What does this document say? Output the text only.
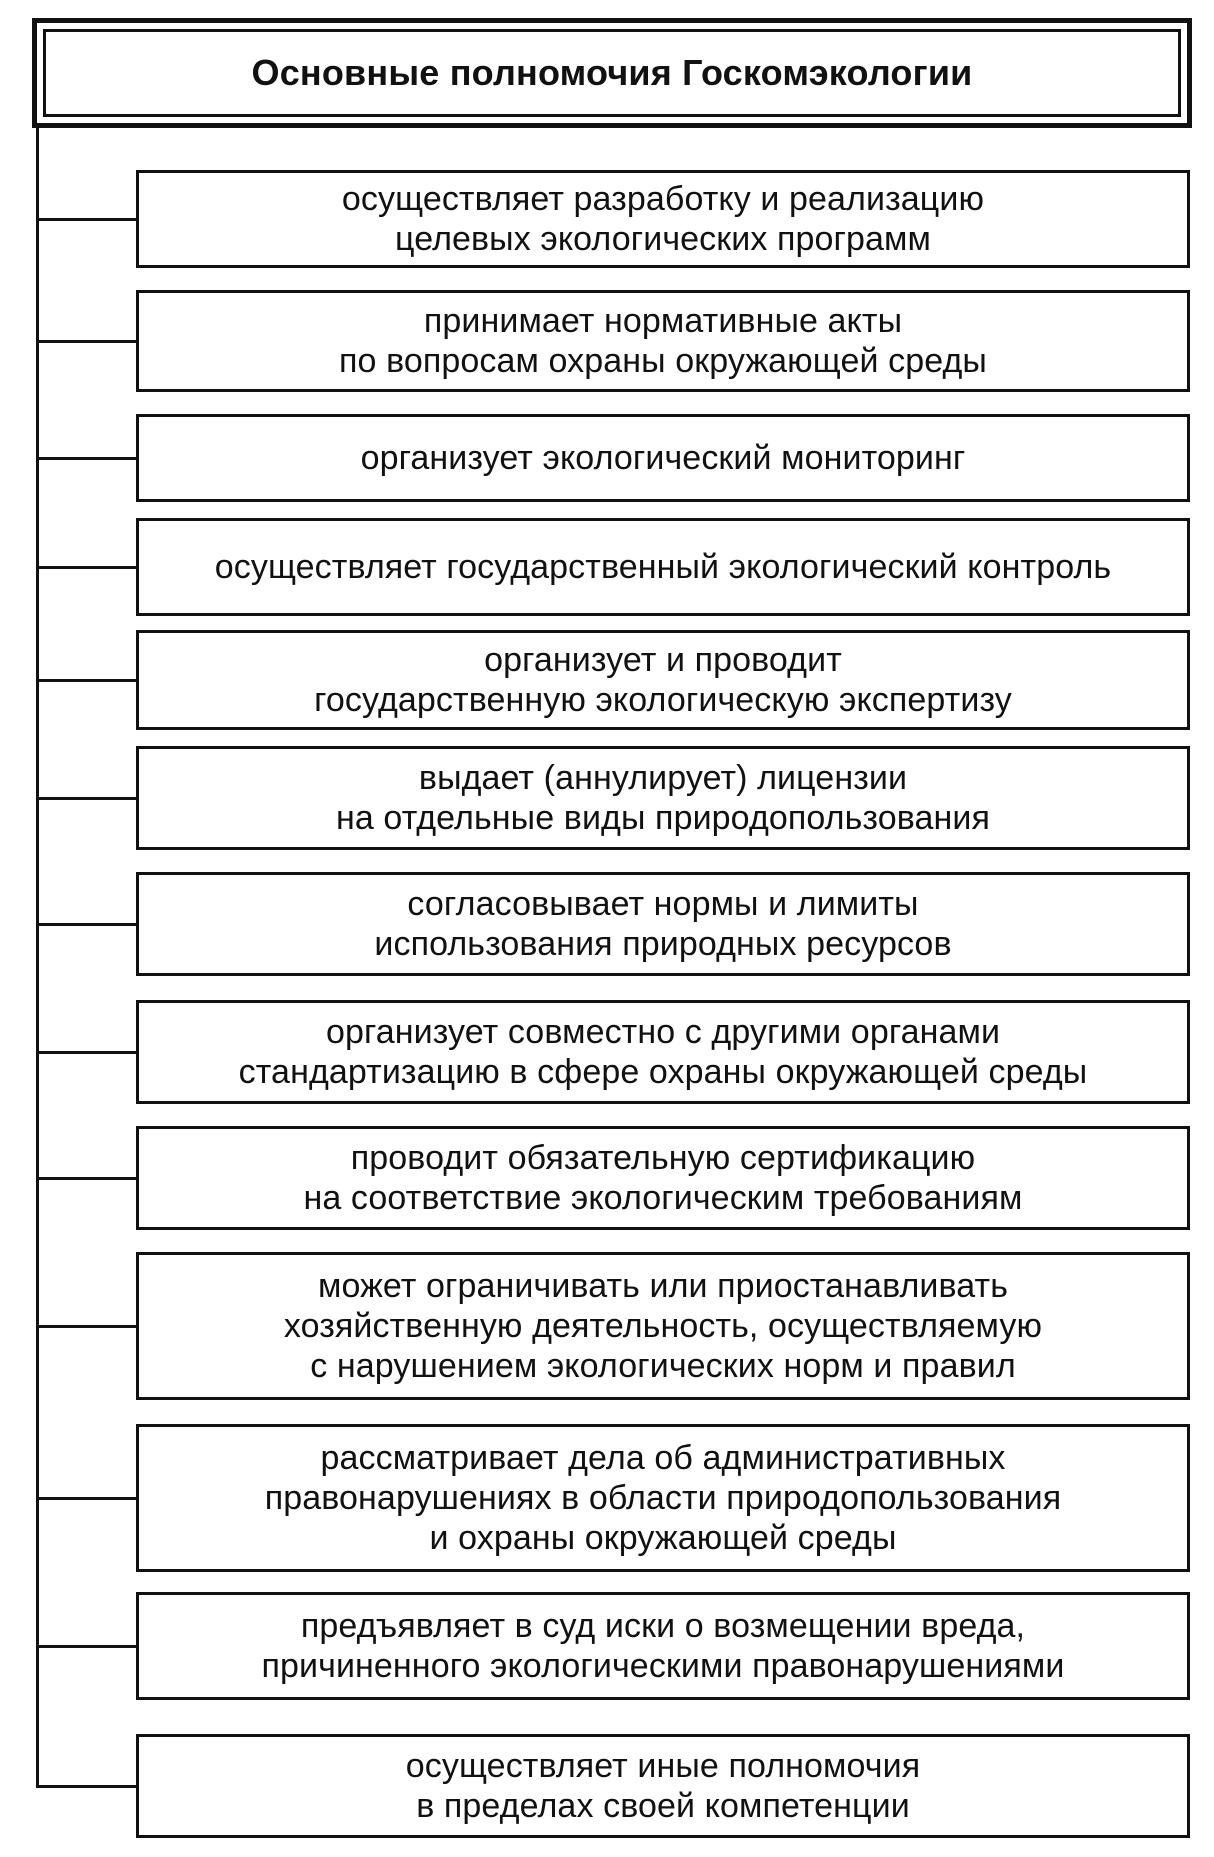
Основные полномочия Госкомэкологии
осуществляет разработку и реализацию
целевых экологических программ
принимает нормативные акты
по вопросам охраны окружающей среды
организует экологический мониторинг
осуществляет государственный экологический контроль
организует и проводит
государственную экологическую экспертизу
выдает (аннулирует) лицензии
на отдельные виды природопользования
согласовывает нормы и лимиты
использования природных ресурсов
организует совместно с другими органами
стандартизацию в сфере охраны окружающей среды
проводит обязательную сертификацию
на соответствие экологическим требованиям
может ограничивать или приостанавливать
хозяйственную деятельность, осуществляемую
с нарушением экологических норм и правил
рассматривает дела об административных
правонарушениях в области природопользования
и охраны окружающей среды
предъявляет в суд иски о возмещении вреда,
причиненного экологическими правонарушениями
осуществляет иные полномочия
в пределах своей компетенции
